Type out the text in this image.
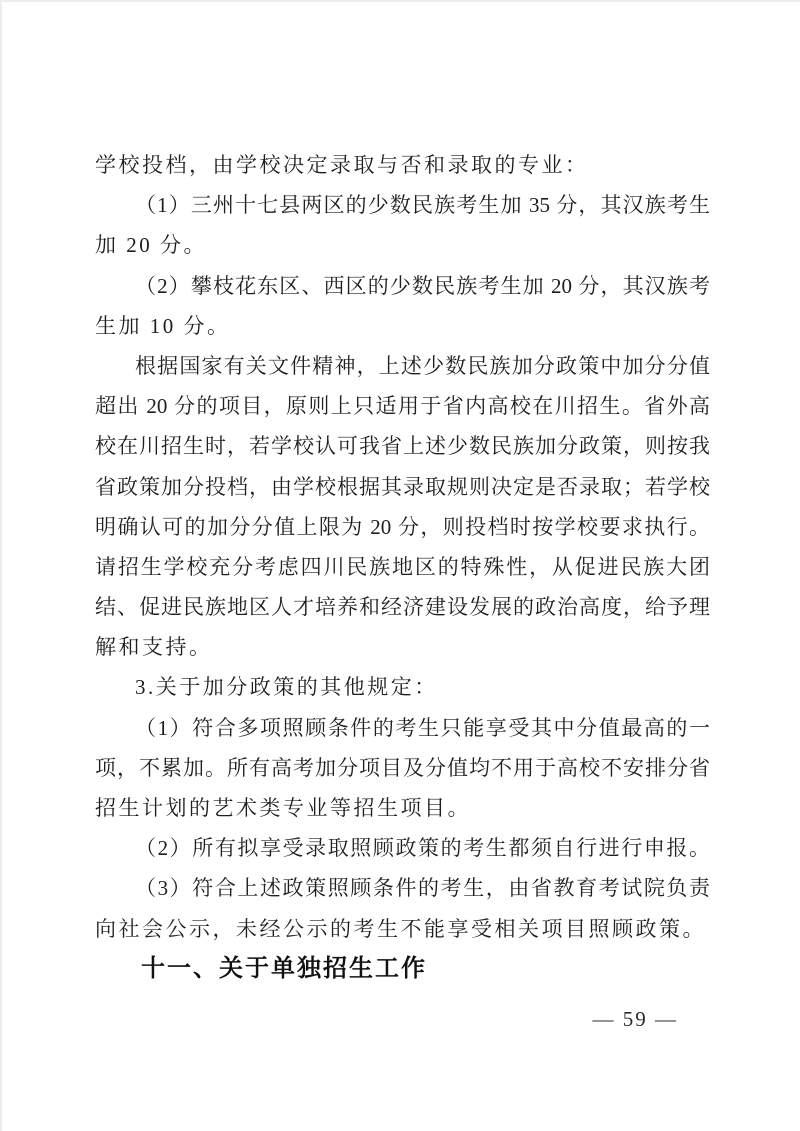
学校投档，由学校决定录取与否和录取的专业：
（1）三州十七县两区的少数民族考生加 35 分，其汉族考生
加 20 分。
（2）攀枝花东区、西区的少数民族考生加 20 分，其汉族考
生加 10 分。
根据国家有关文件精神，上述少数民族加分政策中加分分值
超出 20 分的项目，原则上只适用于省内高校在川招生。省外高
校在川招生时，若学校认可我省上述少数民族加分政策，则按我
省政策加分投档，由学校根据其录取规则决定是否录取；若学校
明确认可的加分分值上限为 20 分，则投档时按学校要求执行。
请招生学校充分考虑四川民族地区的特殊性，从促进民族大团
结、促进民族地区人才培养和经济建设发展的政治高度，给予理
解和支持。
3.关于加分政策的其他规定：
（1）符合多项照顾条件的考生只能享受其中分值最高的一
项，不累加。所有高考加分项目及分值均不用于高校不安排分省
招生计划的艺术类专业等招生项目。
（2）所有拟享受录取照顾政策的考生都须自行进行申报。
（3）符合上述政策照顾条件的考生，由省教育考试院负责
向社会公示，未经公示的考生不能享受相关项目照顾政策。
十一、关于单独招生工作
— 59 —
